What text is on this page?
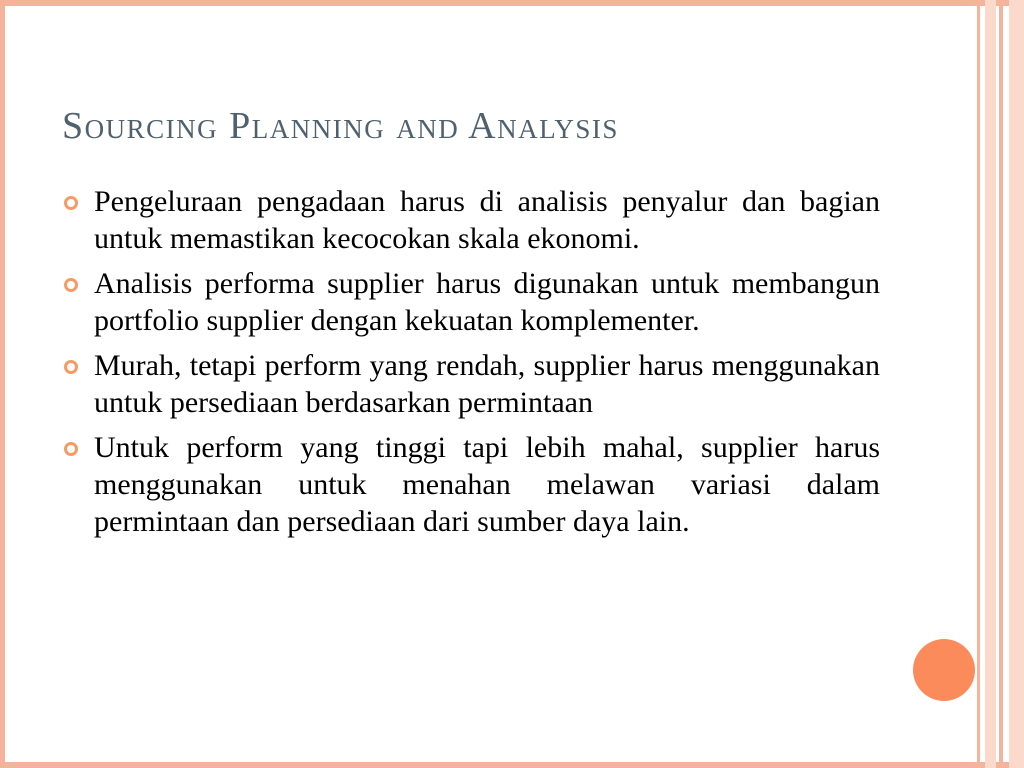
Sourcing Planning and Analysis
Pengeluraan pengadaan harus di analisis penyalur dan bagian untuk memastikan kecocokan skala ekonomi.
Analisis performa supplier harus digunakan untuk membangun portfolio supplier dengan kekuatan komplementer.
Murah, tetapi perform yang rendah, supplier harus menggunakan untuk persediaan berdasarkan permintaan
Untuk perform yang tinggi tapi lebih mahal, supplier harus menggunakan untuk menahan melawan variasi dalam permintaan dan persediaan dari sumber daya lain.
